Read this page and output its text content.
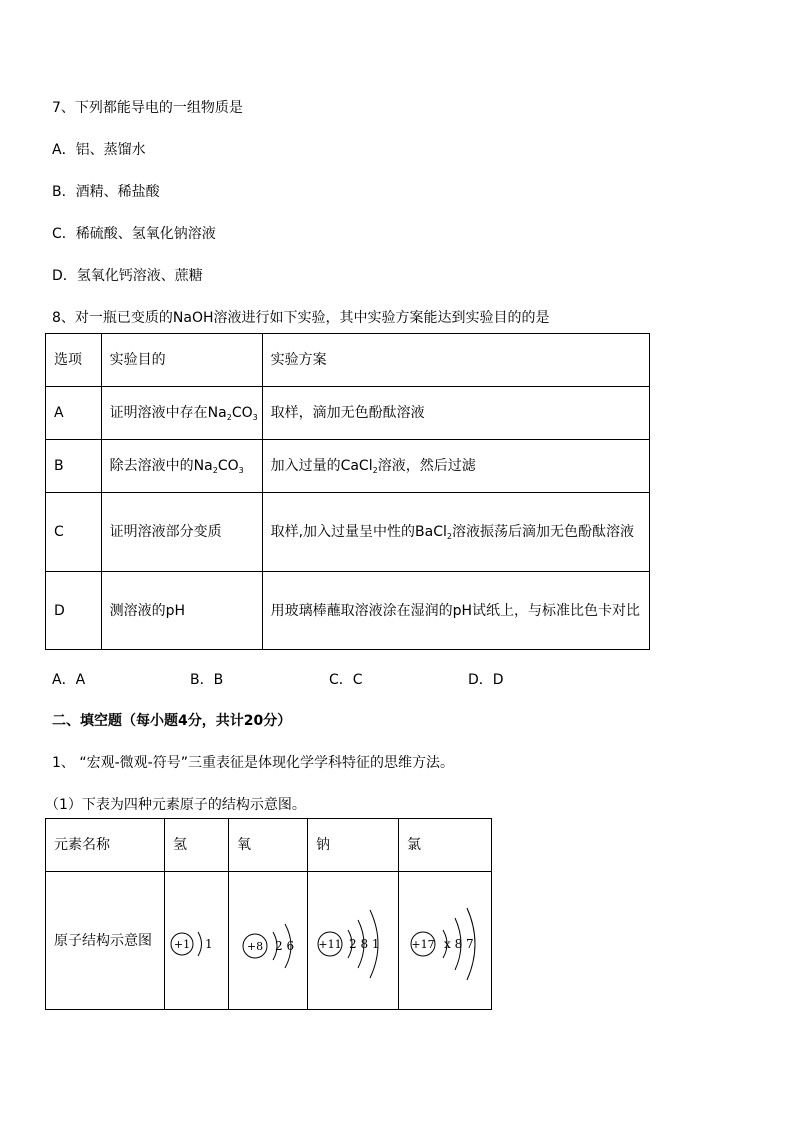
7、下列都能导电的一组物质是
A．铝、蒸馏水
B．酒精、稀盐酸
C．稀硫酸、氢氧化钠溶液
D．氢氧化钙溶液、蔗糖
8、对一瓶已变质的NaOH溶液进行如下实验，其中实验方案能达到实验目的的是
选项	实验目的	实验方案
A	证明溶液中存在$Na_2CO_3$	取样，滴加无色酚酞溶液
B	除去溶液中的$Na_2CO_3$	加入过量的CaCl$_2$溶液，然后过滤
C	证明溶液部分变质	取样,加入过量呈中性的BaCl$_2$溶液振荡后滴加无色酚酞溶液
D	测溶液的pH	用玻璃棒蘸取溶液涂在湿润的pH试纸上，与标准比色卡对比
A．A	B．B	C．C	D．D
二、填空题（每小题4分，共计20分）
1、 “宏观-微观-符号”三重表征是体现化学学科特征的思维方法。
（1）下表为四种元素原子的结构示意图。
元素名称	氢	氧	钠	氯
原子结构示意图	+1 1	+8 2 6	+11 2 8 1	+17 x 8 7
